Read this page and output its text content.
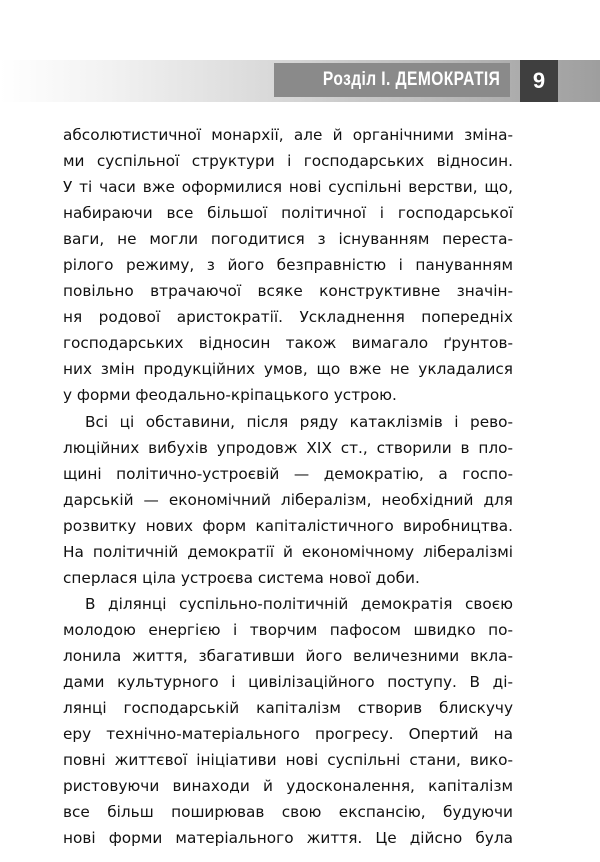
Розділ І. ДЕМОКРАТІЯ 9
абсолютистичної монархії, але й органічними зміна-
ми суспільної структури і господарських відносин.
У ті часи вже оформилися нові суспільні верстви, що,
набираючи все більшої політичної і господарської
ваги, не могли погодитися з існуванням переста-
рілого режиму, з його безправністю і пануванням
повільно втрачаючої всяке конструктивне значін-
ня родової аристократії. Ускладнення попередніх
господарських відносин також вимагало ґрунтов-
них змін продукційних умов, що вже не укладалися
у форми феодально-кріпацького устрою.
Всі ці обставини, після ряду катаклізмів і рево-
люційних вибухів упродовж XIX ст., створили в пло-
щині політично-устроєвій — демократію, а госпо-
дарській — економічний лібералізм, необхідний для
розвитку нових форм капіталістичного виробництва.
На політичній демократії й економічному лібералізмі
сперлася ціла устроєва система нової доби.
В ділянці суспільно-політичній демократія своєю
молодою енергією і творчим пафосом швидко по-
лонила життя, збагативши його величезними вкла-
дами культурного і цивілізаційного поступу. В ді-
лянці господарській капіталізм створив блискучу
еру технічно-матеріального прогресу. Опертий на
повні життєвої ініціативи нові суспільні стани, вико-
ристовуючи винаходи й удосконалення, капіталізм
все більш поширював свою експансію, будуючи
нові форми матеріального життя. Це дійсно була
